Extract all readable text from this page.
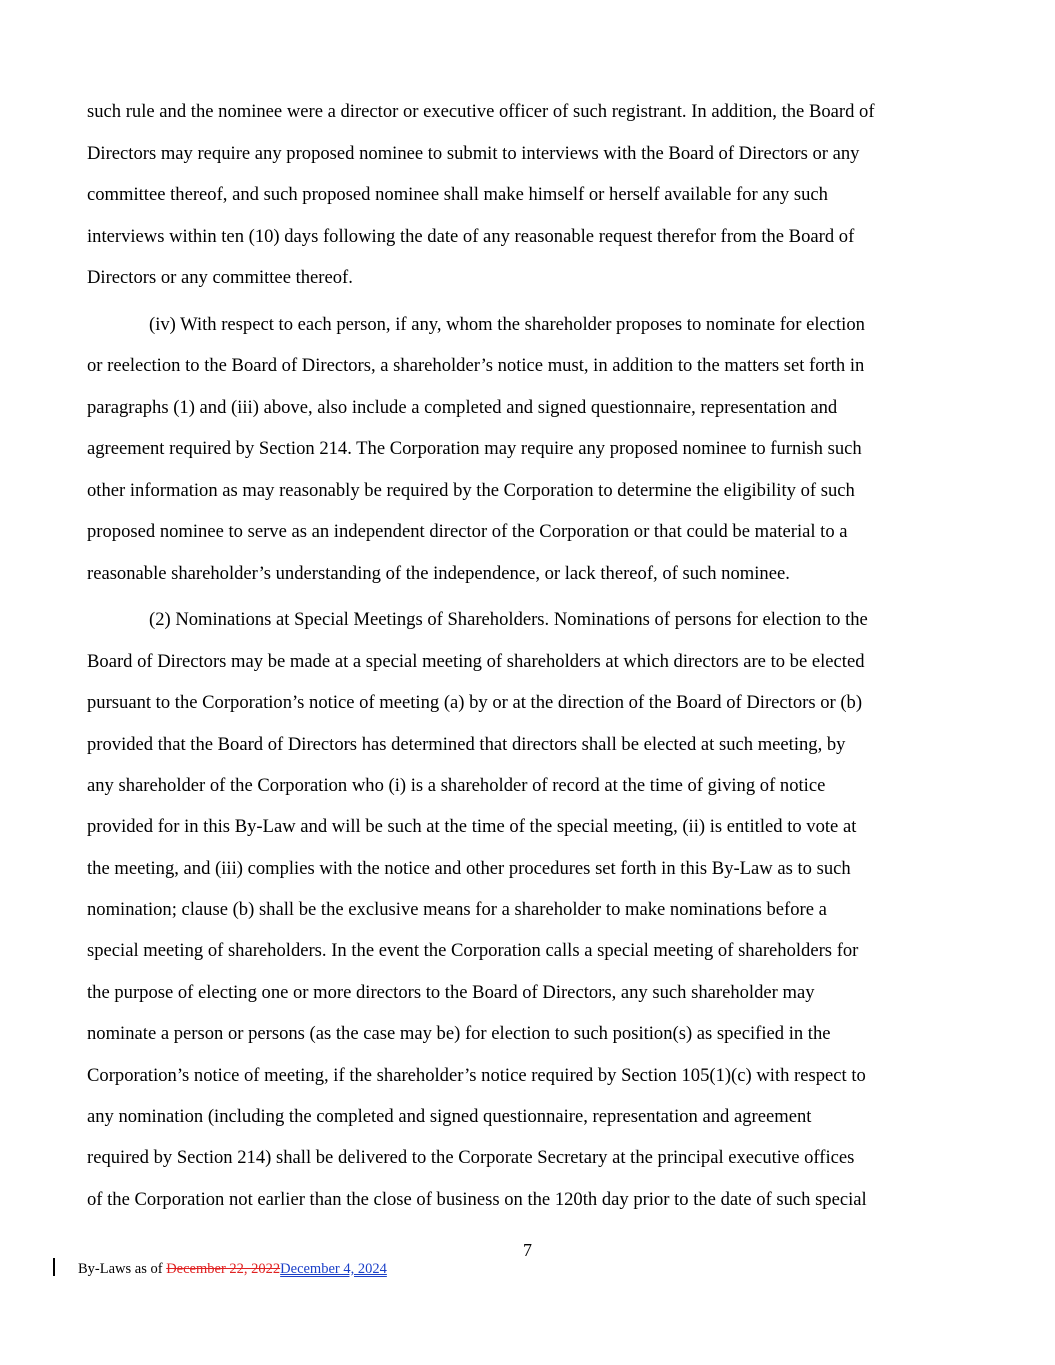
such rule and the nominee were a director or executive officer of such registrant. In addition, the Board of
Directors may require any proposed nominee to submit to interviews with the Board of Directors or any
committee thereof, and such proposed nominee shall make himself or herself available for any such
interviews within ten (10) days following the date of any reasonable request therefor from the Board of
Directors or any committee thereof.
(iv) With respect to each person, if any, whom the shareholder proposes to nominate for election
or reelection to the Board of Directors, a shareholder’s notice must, in addition to the matters set forth in
paragraphs (1) and (iii) above, also include a completed and signed questionnaire, representation and
agreement required by Section 214. The Corporation may require any proposed nominee to furnish such
other information as may reasonably be required by the Corporation to determine the eligibility of such
proposed nominee to serve as an independent director of the Corporation or that could be material to a
reasonable shareholder’s understanding of the independence, or lack thereof, of such nominee.
(2) Nominations at Special Meetings of Shareholders. Nominations of persons for election to the
Board of Directors may be made at a special meeting of shareholders at which directors are to be elected
pursuant to the Corporation’s notice of meeting (a) by or at the direction of the Board of Directors or (b)
provided that the Board of Directors has determined that directors shall be elected at such meeting, by
any shareholder of the Corporation who (i) is a shareholder of record at the time of giving of notice
provided for in this By-Law and will be such at the time of the special meeting, (ii) is entitled to vote at
the meeting, and (iii) complies with the notice and other procedures set forth in this By-Law as to such
nomination; clause (b) shall be the exclusive means for a shareholder to make nominations before a
special meeting of shareholders. In the event the Corporation calls a special meeting of shareholders for
the purpose of electing one or more directors to the Board of Directors, any such shareholder may
nominate a person or persons (as the case may be) for election to such position(s) as specified in the
Corporation’s notice of meeting, if the shareholder’s notice required by Section 105(1)(c) with respect to
any nomination (including the completed and signed questionnaire, representation and agreement
required by Section 214) shall be delivered to the Corporate Secretary at the principal executive offices
of the Corporation not earlier than the close of business on the 120th day prior to the date of such special
7
By-Laws as of December 22, 2022December 4, 2024
